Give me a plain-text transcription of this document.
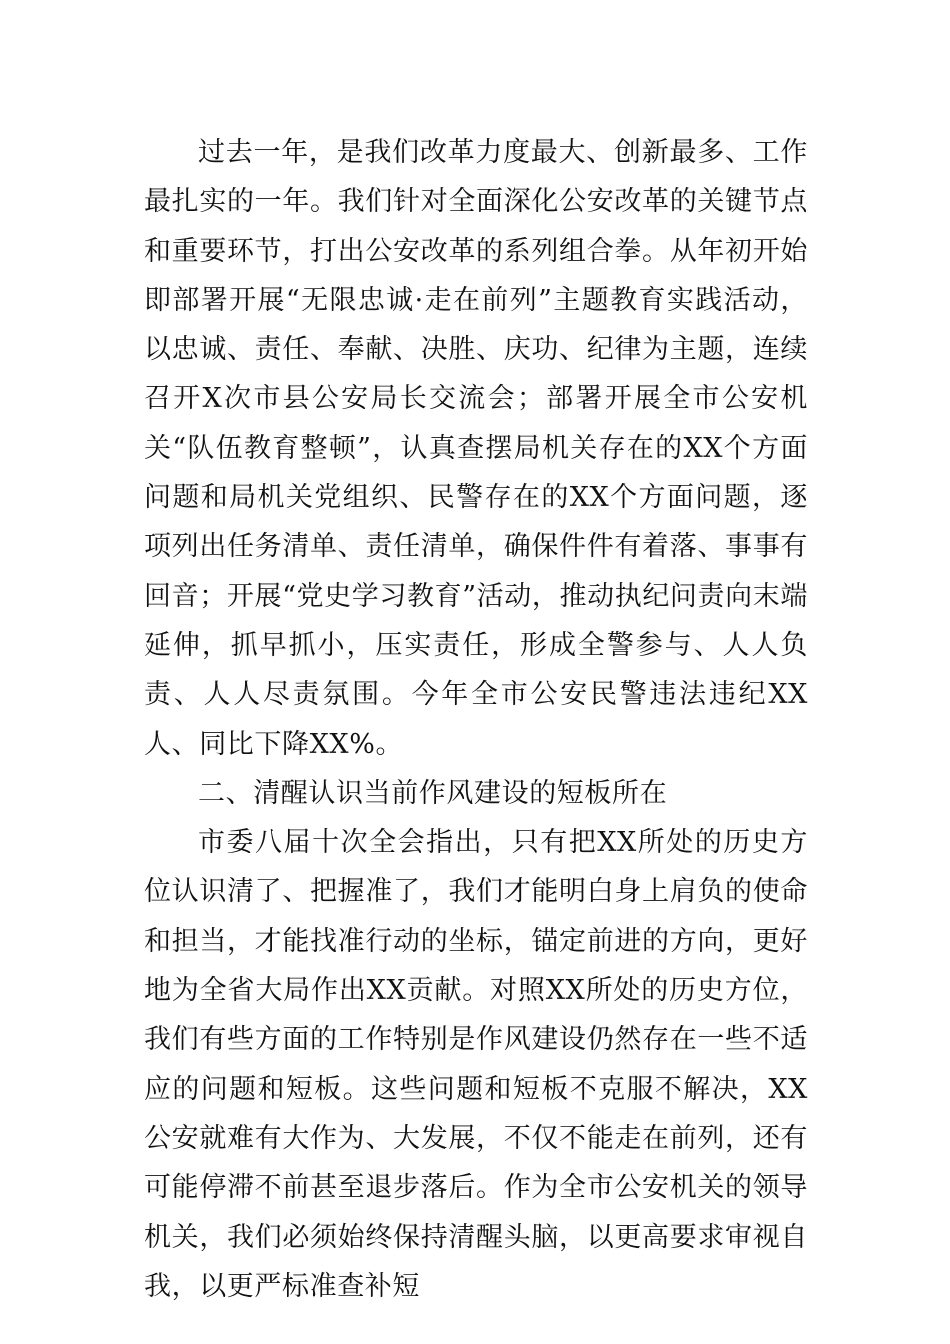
过去一年，是我们改革力度最大、创新最多、工作最扎实的一年。我们针对全面深化公安改革的关键节点和重要环节，打出公安改革的系列组合拳。从年初开始即部署开展“无限忠诚·走在前列”主题教育实践活动，以忠诚、责任、奉献、决胜、庆功、纪律为主题，连续召开X次市县公安局长交流会；部署开展全市公安机关“队伍教育整顿”，认真查摆局机关存在的XX个方面问题和局机关党组织、民警存在的XX个方面问题，逐项列出任务清单、责任清单，确保件件有着落、事事有回音；开展“党史学习教育”活动，推动执纪问责向末端延伸，抓早抓小，压实责任，形成全警参与、人人负责、人人尽责氛围。今年全市公安民警违法违纪XX人、同比下降XX%。

二、清醒认识当前作风建设的短板所在

市委八届十次全会指出，只有把XX所处的历史方位认识清了、把握准了，我们才能明白身上肩负的使命和担当，才能找准行动的坐标，锚定前进的方向，更好地为全省大局作出XX贡献。对照XX所处的历史方位，我们有些方面的工作特别是作风建设仍然存在一些不适应的问题和短板。这些问题和短板不克服不解决，XX公安就难有大作为、大发展，不仅不能走在前列，还有可能停滞不前甚至退步落后。作为全市公安机关的领导机关，我们必须始终保持清醒头脑，以更高要求审视自我，以更严标准查补短
